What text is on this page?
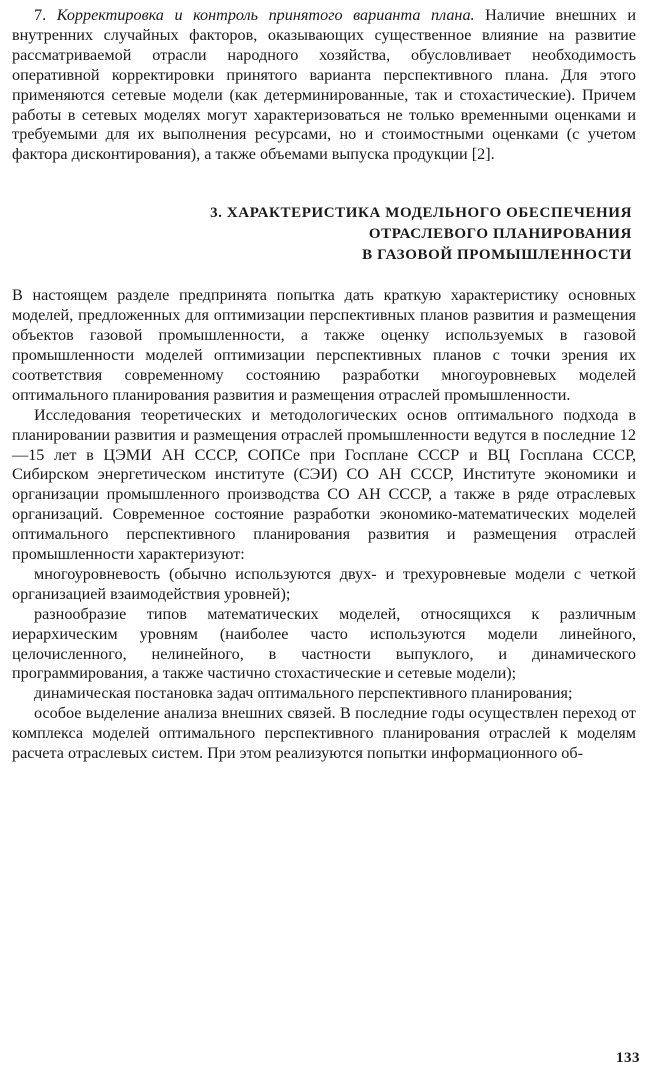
7. Корректировка и контроль принятого варианта плана. Наличие внешних и внутренних случайных факторов, оказывающих существенное влияние на развитие рассматриваемой отрасли народного хозяйства, обусловливает необходимость оперативной корректировки принятого варианта перспективного плана. Для этого применяются сетевые модели (как детерминированные, так и стохастические). Причем работы в сетевых моделях могут характеризоваться не только временными оценками и требуемыми для их выполнения ресурсами, но и стоимостными оценками (с учетом фактора дисконтирования), а также объемами выпуска продукции [2].

3. ХАРАКТЕРИСТИКА МОДЕЛЬНОГО ОБЕСПЕЧЕНИЯ
ОТРАСЛЕВОГО ПЛАНИРОВАНИЯ
В ГАЗОВОЙ ПРОМЫШЛЕННОСТИ

В настоящем разделе предпринята попытка дать краткую характеристику основных моделей, предложенных для оптимизации перспективных планов развития и размещения объектов газовой промышленности, а также оценку используемых в газовой промышленности моделей оптимизации перспективных планов с точки зрения их соответствия современному состоянию разработки многоуровневых моделей оптимального планирования развития и размещения отраслей промышленности.

Исследования теоретических и методологических основ оптимального подхода в планировании развития и размещения отраслей промышленности ведутся в последние 12—15 лет в ЦЭМИ АН СССР, СОПСе при Госплане СССР и ВЦ Госплана СССР, Сибирском энергетическом институте (СЭИ) СО АН СССР, Институте экономики и организации промышленного производства СО АН СССР, а также в ряде отраслевых организаций. Современное состояние разработки экономико-математических моделей оптимального перспективного планирования развития и размещения отраслей промышленности характеризуют:

многоуровневость (обычно используются двух- и трехуровневые модели с четкой организацией взаимодействия уровней);

разнообразие типов математических моделей, относящихся к различным иерархическим уровням (наиболее часто используются модели линейного, целочисленного, нелинейного, в частности выпуклого, и динамического программирования, а также частично стохастические и сетевые модели);

динамическая постановка задач оптимального перспективного планирования;

особое выделение анализа внешних связей. В последние годы осуществлен переход от комплекса моделей оптимального перспективного планирования отраслей к моделям расчета отраслевых систем. При этом реализуются попытки информационного об-

133
